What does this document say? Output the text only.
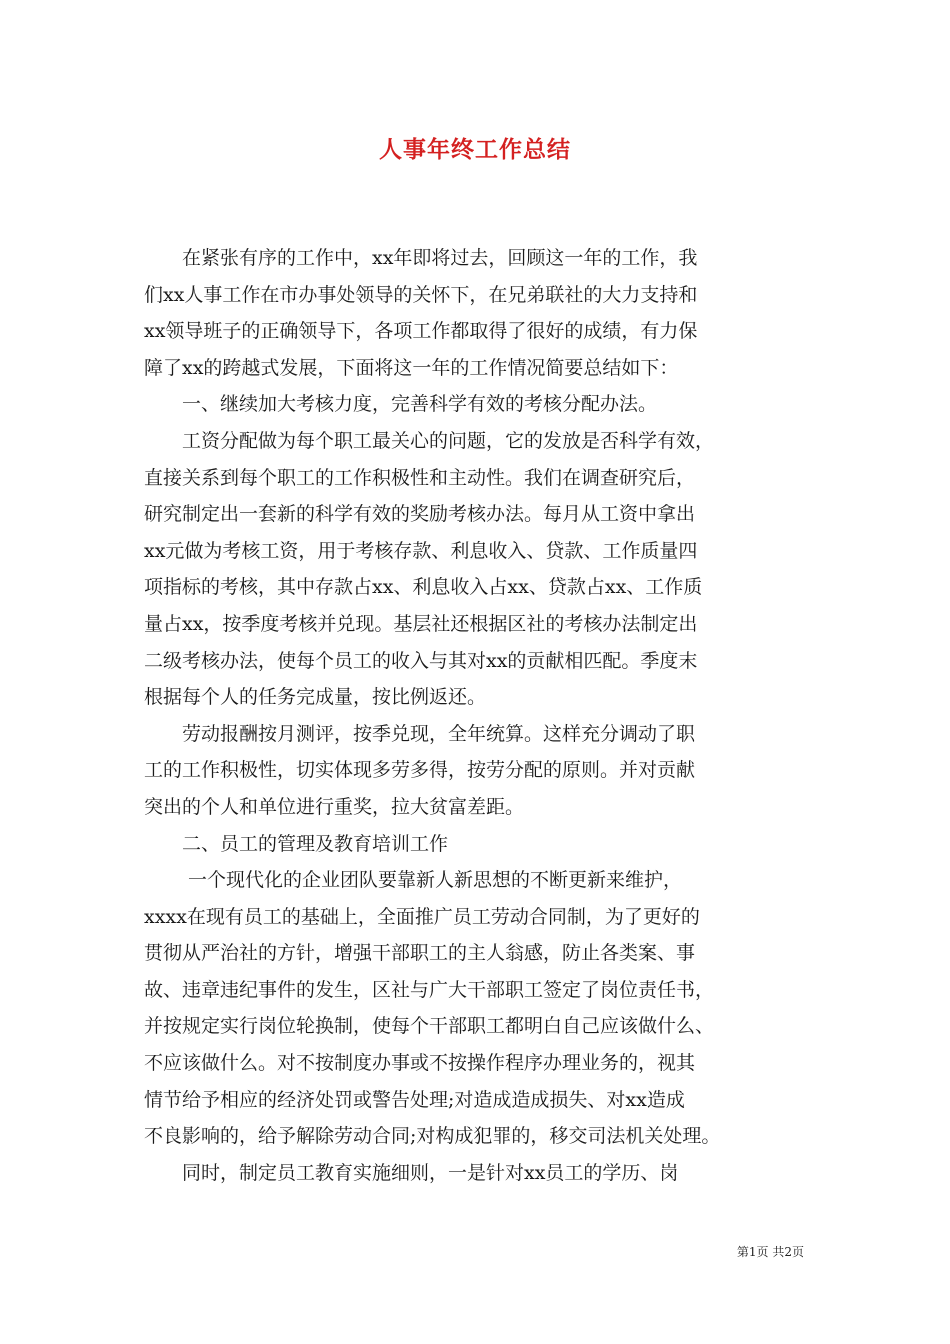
人事年终工作总结
　　在紧张有序的工作中，xx年即将过去，回顾这一年的工作，我
们xx人事工作在市办事处领导的关怀下，在兄弟联社的大力支持和
xx领导班子的正确领导下，各项工作都取得了很好的成绩，有力保
障了xx的跨越式发展，下面将这一年的工作情况简要总结如下：
　　一、继续加大考核力度，完善科学有效的考核分配办法。
　　工资分配做为每个职工最关心的问题，它的发放是否科学有效，
直接关系到每个职工的工作积极性和主动性。我们在调查研究后，
研究制定出一套新的科学有效的奖励考核办法。每月从工资中拿出
xx元做为考核工资，用于考核存款、利息收入、贷款、工作质量四
项指标的考核，其中存款占xx、利息收入占xx、贷款占xx、工作质
量占xx，按季度考核并兑现。基层社还根据区社的考核办法制定出
二级考核办法，使每个员工的收入与其对xx的贡献相匹配。季度末
根据每个人的任务完成量，按比例返还。
　　劳动报酬按月测评，按季兑现，全年统算。这样充分调动了职
工的工作积极性，切实体现多劳多得，按劳分配的原则。并对贡献
突出的个人和单位进行重奖，拉大贫富差距。
　　二、员工的管理及教育培训工作
　　 一个现代化的企业团队要靠新人新思想的不断更新来维护，
xxxx在现有员工的基础上，全面推广员工劳动合同制，为了更好的
贯彻从严治社的方针，增强干部职工的主人翁感，防止各类案、事
故、违章违纪事件的发生，区社与广大干部职工签定了岗位责任书，
并按规定实行岗位轮换制，使每个干部职工都明白自己应该做什么、
不应该做什么。对不按制度办事或不按操作程序办理业务的，视其
情节给予相应的经济处罚或警告处理;对造成造成损失、对xx造成
不良影响的，给予解除劳动合同;对构成犯罪的，移交司法机关处理。
　　同时，制定员工教育实施细则，一是针对xx员工的学历、岗
第1页 共2页
